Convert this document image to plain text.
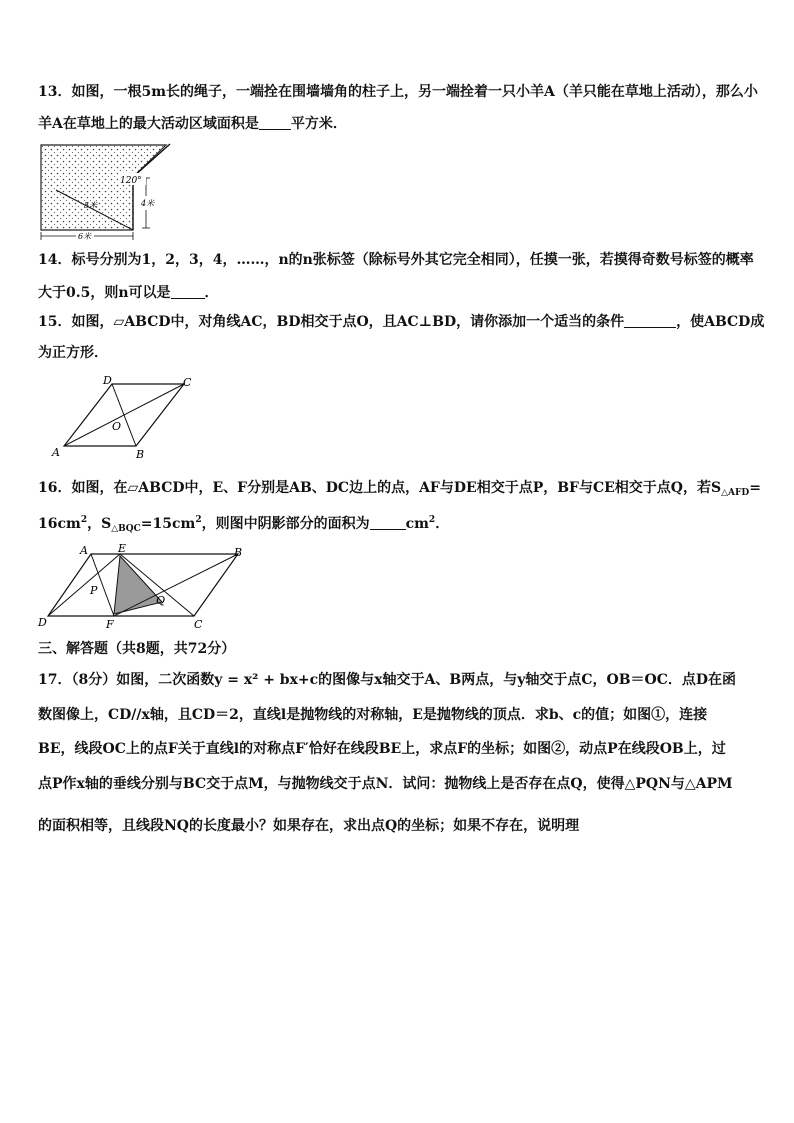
13．如图，一根5m长的绳子，一端拴在围墙墙角的柱子上，另一端拴着一只小羊A（羊只能在草地上活动），那么小
羊A在草地上的最大活动区域面积是 平方米．
120°
4米
5米
6米
14．标号分别为1，2，3，4，……，n的n张标签（除标号外其它完全相同），任摸一张，若摸得奇数号标签的概率
大于0.5，则n可以是 ．
15．如图，▱ABCD中，对角线AC，BD相交于点O，且AC⊥BD，请你添加一个适当的条件	，使ABCD成
为正方形．
D	C
O
A	B
16．如图，在▱ABCD中，E、F分别是AB、DC边上的点，AF与DE相交于点P，BF与CE相交于点Q，若$S_{\triangle AFD}=$
$16cm^2$，$S_{\triangle BQC}=15cm^2$，则图中阴影部分的面积为	$cm^2$．
A	E	B
P
Q
D	F	C
三、解答题（共8题，共72分）
17．（8分）如图，二次函数y = x² + bx+c的图像与x轴交于A、B两点，与y轴交于点C，OB＝OC．点D在函
数图像上，CD//x轴，且CD＝2，直线l是抛物线的对称轴，E是抛物线的顶点．求b、c的值；如图①，连接
BE，线段OC上的点F关于直线l的对称点F′恰好在线段BE上，求点F的坐标；如图②，动点P在线段OB上，过
点P作x轴的垂线分别与BC交于点M，与抛物线交于点N．试问：抛物线上是否存在点Q，使得△PQN与△APM
的面积相等，且线段NQ的长度最小？如果存在，求出点Q的坐标；如果不存在，说明理
